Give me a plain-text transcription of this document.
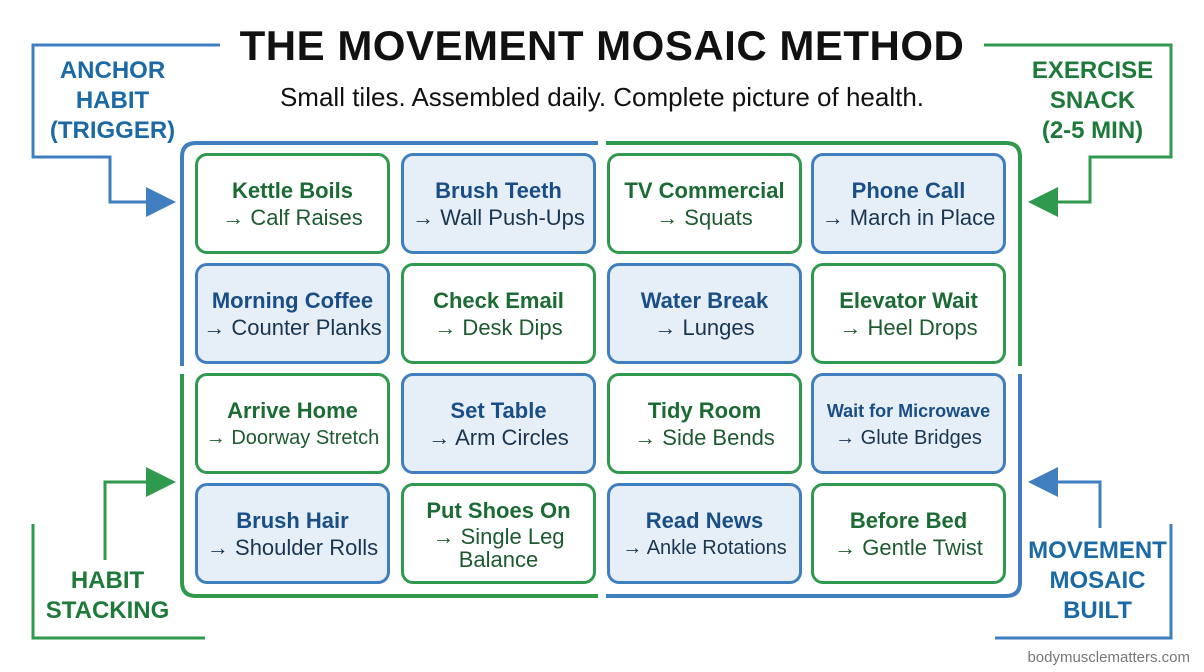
THE MOVEMENT MOSAIC METHOD
Small tiles. Assembled daily. Complete picture of health.
ANCHOR
HABIT
(TRIGGER)
EXERCISE
SNACK
(2-5 MIN)
HABIT
STACKING
MOVEMENT
MOSAIC
BUILT
Kettle Boils
→ Calf Raises
Brush Teeth
→ Wall Push-Ups
TV Commercial
→ Squats
Phone Call
→ March in Place
Morning Coffee
→ Counter Planks
Check Email
→ Desk Dips
Water Break
→ Lunges
Elevator Wait
→ Heel Drops
Arrive Home
→ Doorway Stretch
Set Table
→ Arm Circles
Tidy Room
→ Side Bends
Wait for Microwave
→ Glute Bridges
Brush Hair
→ Shoulder Rolls
Put Shoes On
→ Single Leg
Balance
Read News
→ Ankle Rotations
Before Bed
→ Gentle Twist
bodymusclematters.com
